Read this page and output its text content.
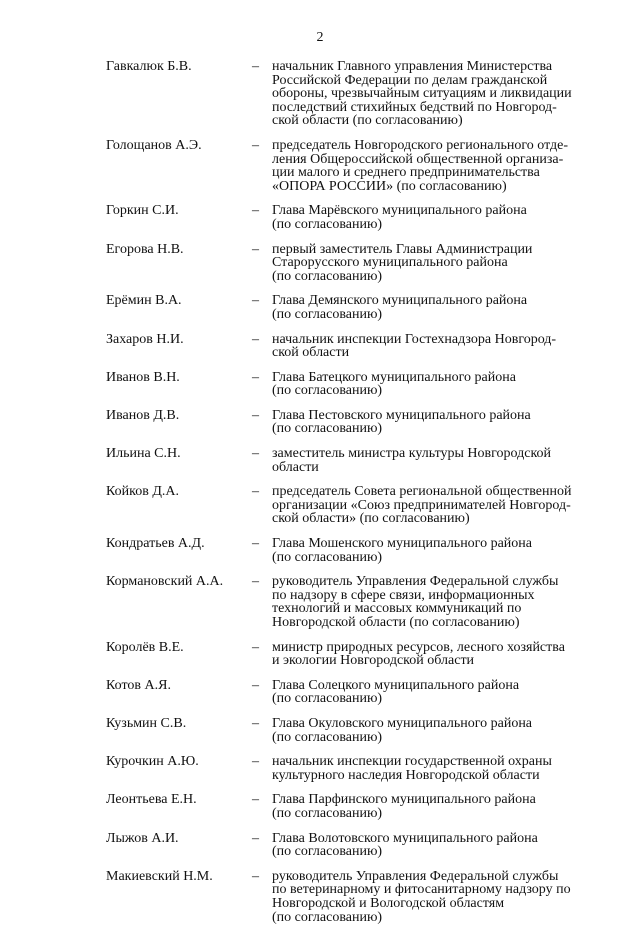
2
Гавкалюк Б.В.	– начальник Главного управления Министерства
Российской Федерации по делам гражданской
обороны, чрезвычайным ситуациям и ликвидации
последствий стихийных бедствий по Новгород-
ской области (по согласованию)
Голощанов А.Э.	– председатель Новгородского регионального отде-
ления Общероссийской общественной организа-
ции малого и среднего предпринимательства
«ОПОРА РОССИИ» (по согласованию)
Горкин С.И.	– Глава Марёвского муниципального района
(по согласованию)
Егорова Н.В.	– первый заместитель Главы Администрации
Старорусского муниципального района
(по согласованию)
Ерёмин В.А.	– Глава Демянского муниципального района
(по согласованию)
Захаров Н.И.	– начальник инспекции Гостехнадзора Новгород-
ской области
Иванов В.Н.	– Глава Батецкого муниципального района
(по согласованию)
Иванов Д.В.	– Глава Пестовского муниципального района
(по согласованию)
Ильина С.Н.	– заместитель министра культуры Новгородской
области
Койков Д.А.	– председатель Совета региональной общественной
организации «Союз предпринимателей Новгород-
ской области» (по согласованию)
Кондратьев А.Д.	– Глава Мошенского муниципального района
(по согласованию)
Кормановский А.А.	– руководитель Управления Федеральной службы
по надзору в сфере связи, информационных
технологий и массовых коммуникаций по
Новгородской области (по согласованию)
Королёв В.Е.	– министр природных ресурсов, лесного хозяйства
и экологии Новгородской области
Котов А.Я.	– Глава Солецкого муниципального района
(по согласованию)
Кузьмин С.В.	– Глава Окуловского муниципального района
(по согласованию)
Курочкин А.Ю.	– начальник инспекции государственной охраны
культурного наследия Новгородской области
Леонтьева Е.Н.	– Глава Парфинского муниципального района
(по согласованию)
Лыжов А.И.	– Глава Волотовского муниципального района
(по согласованию)
Макиевский Н.М.	– руководитель Управления Федеральной службы
по ветеринарному и фитосанитарному надзору по
Новгородской и Вологодской областям
(по согласованию)
